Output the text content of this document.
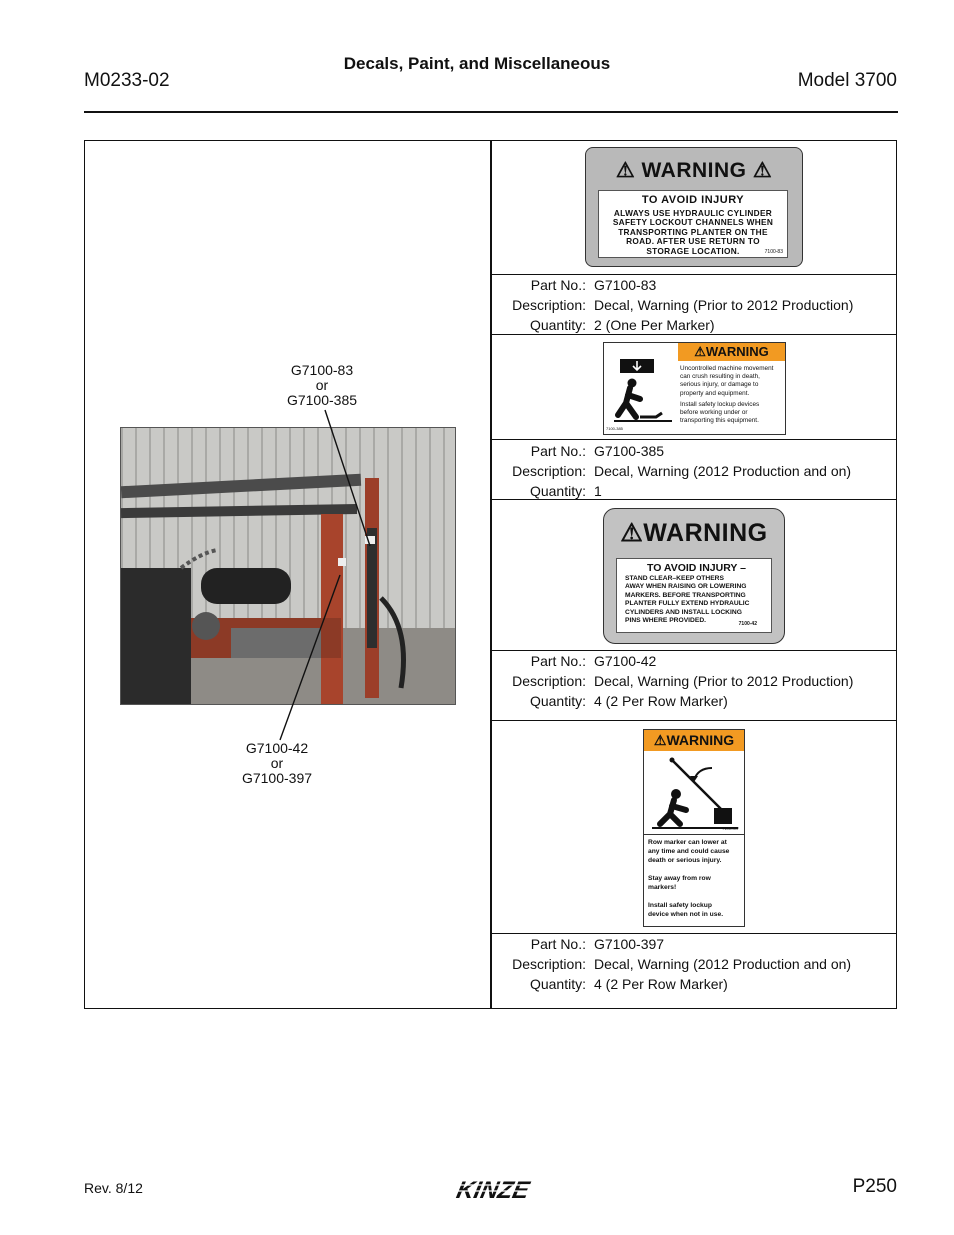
M0233-02
Decals, Paint, and Miscellaneous
Model 3700
⚠ WARNING ⚠
TO AVOID INJURY
ALWAYS USE HYDRAULIC CYLINDER
SAFETY LOCKOUT CHANNELS WHEN
TRANSPORTING PLANTER ON THE
ROAD. AFTER USE RETURN TO
STORAGE LOCATION.	7100-83
Part No.: G7100-83
Description: Decal, Warning (Prior to 2012 Production)
Quantity: 2 (One Per Marker)
⚠WARNING
Uncontrolled machine movement
can crush resulting in death,
serious injury, or damage to
property and equipment.
Install safety lockup devices
before working under or
transporting this equipment.
7100-385
Part No.: G7100-385
Description: Decal, Warning (2012 Production and on)
Quantity: 1
⚠WARNING
TO AVOID INJURY –
STAND CLEAR–KEEP OTHERS
AWAY WHEN RAISING OR LOWERING
MARKERS. BEFORE TRANSPORTING
PLANTER FULLY EXTEND HYDRAULIC
CYLINDERS AND INSTALL LOCKING
PINS WHERE PROVIDED.	7100-42
Part No.: G7100-42
Description: Decal, Warning (Prior to 2012 Production)
Quantity: 4 (2 Per Row Marker)
⚠WARNING
7100-397
Row marker can lower at
any time and could cause
death or serious injury.
Stay away from row
markers!
Install safety lockup
device when not in use.
Part No.: G7100-397
Description: Decal, Warning (2012 Production and on)
Quantity: 4 (2 Per Row Marker)
G7100-83
or
G7100-385
G7100-42
or
G7100-397
Rev. 8/12	KINZE	P250
